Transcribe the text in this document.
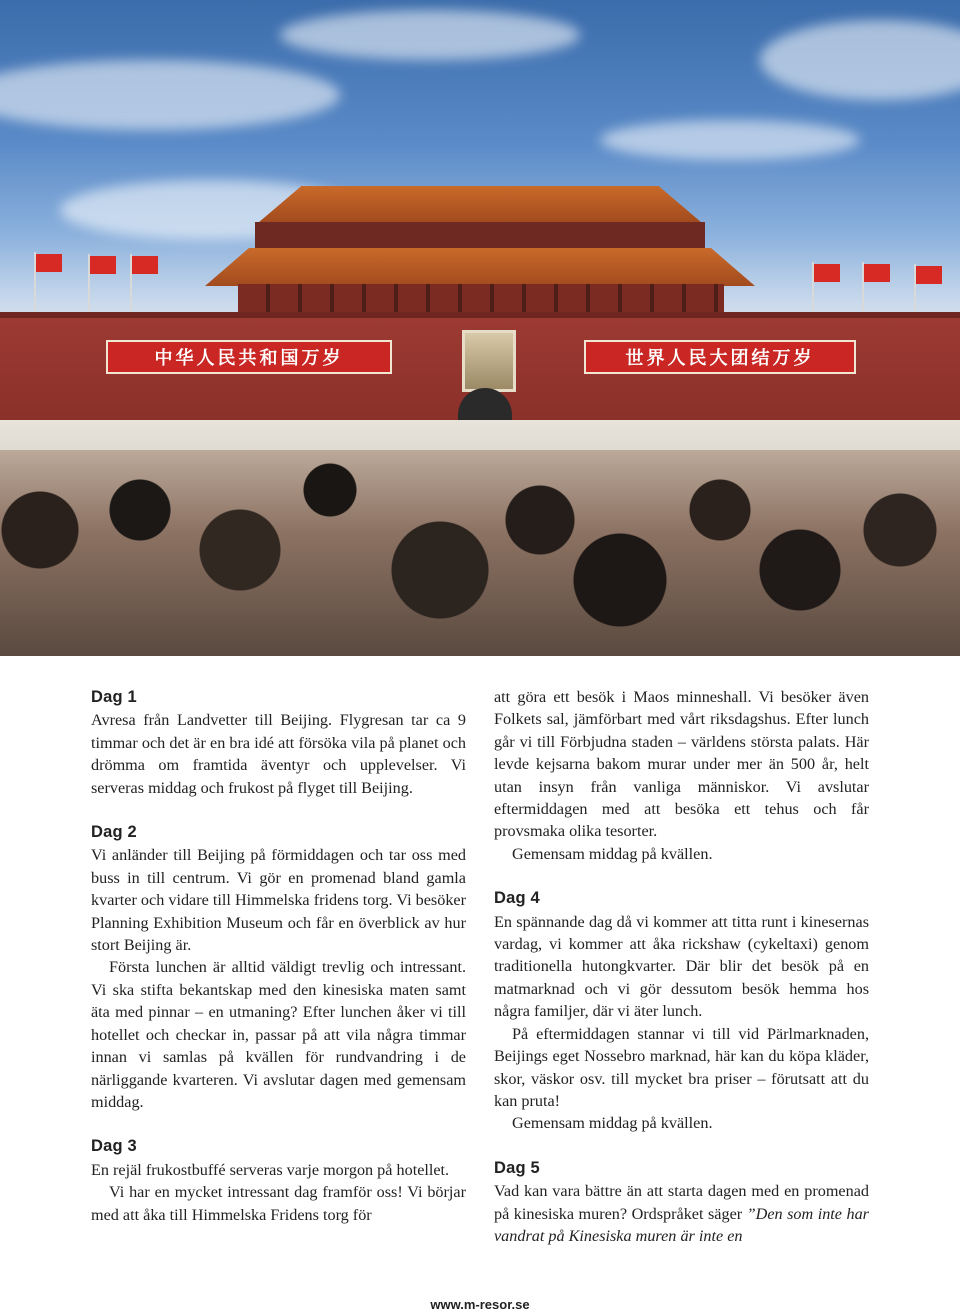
中华人民共和国万岁	世界人民大团结万岁
Dag 1

Avresa från Landvetter till Beijing. Flygresan tar ca 9 timmar och det är en bra idé att försöka vila på planet och drömma om framtida äventyr och upplevelser. Vi serveras middag och frukost på flyget till Beijing.

Dag 2

Vi anländer till Beijing på förmiddagen och tar oss med buss in till centrum. Vi gör en promenad bland gamla kvarter och vidare till Himmelska fridens torg. Vi besöker Planning Exhibition Museum och får en överblick av hur stort Beijing är.

Första lunchen är alltid väldigt trevlig och intressant. Vi ska stifta bekantskap med den kinesiska maten samt äta med pinnar – en utmaning? Efter lunchen åker vi till hotellet och checkar in, passar på att vila några timmar innan vi samlas på kvällen för rundvandring i de närliggande kvarteren. Vi avslutar dagen med gemensam middag.

Dag 3

En rejäl frukostbuffé serveras varje morgon på hotellet.

Vi har en mycket intressant dag framför oss! Vi börjar med att åka till Himmelska Fridens torg för

att göra ett besök i Maos minneshall. Vi besöker även Folkets sal, jämförbart med vårt riksdagshus. Efter lunch går vi till Förbjudna staden – världens största palats. Här levde kejsarna bakom murar under mer än 500 år, helt utan insyn från vanliga människor. Vi avslutar eftermiddagen med att besöka ett tehus och får provsmaka olika tesorter.

Gemensam middag på kvällen.

Dag 4

En spännande dag då vi kommer att titta runt i kinesernas vardag, vi kommer att åka rickshaw (cykeltaxi) genom traditionella hutongkvarter. Där blir det besök på en matmarknad och vi gör dessutom besök hemma hos några familjer, där vi äter lunch.

På eftermiddagen stannar vi till vid Pärlmarknaden, Beijings eget Nossebro marknad, här kan du köpa kläder, skor, väskor osv. till mycket bra priser – förutsatt att du kan pruta!

Gemensam middag på kvällen.

Dag 5

Vad kan vara bättre än att starta dagen med en promenad på kinesiska muren? Ordspråket säger ”Den som inte har vandrat på Kinesiska muren är inte en

www.m-resor.se
